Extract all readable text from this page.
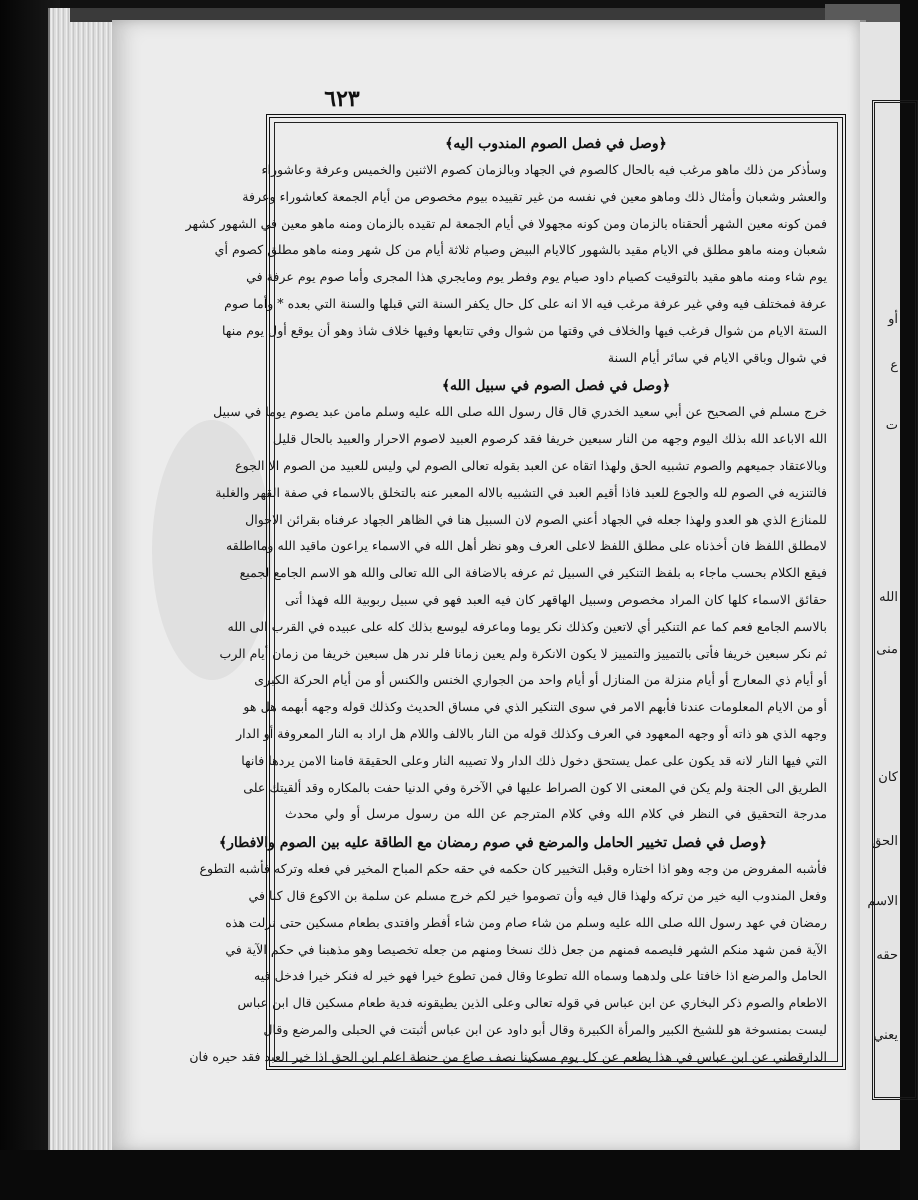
٦٢٣
﴿وصل في فصل الصوم المندوب اليه﴾
وسأذكر من ذلك ماهو مرغب فيه بالحال كالصوم في الجهاد وبالزمان كصوم الاثنين والخميس وعرفة وعاشوراء
والعشر وشعبان وأمثال ذلك وماهو معين في نفسه من غير تقييده بيوم مخصوص من أيام الجمعة كعاشوراء وعرفة
فمن كونه معين الشهر ألحقناه بالزمان ومن كونه مجهولا في أيام الجمعة لم تقيده بالزمان ومنه ماهو معين في الشهور كشهر
شعبان ومنه ماهو مطلق في الايام مقيد بالشهور كالايام البيض وصيام ثلاثة أيام من كل شهر ومنه ماهو مطلق كصوم أي
يوم شاء ومنه ماهو مقيد بالتوقيت كصيام داود صيام يوم وفطر يوم ومايجري هذا المجرى وأما صوم يوم عرفة في
عرفة فمختلف فيه وفي غير عرفة مرغب فيه الا انه على كل حال يكفر السنة التي قبلها والسنة التي بعده * وأما صوم
الستة الايام من شوال فرغب فيها والخلاف في وقتها من شوال وفي تتابعها وفيها خلاف شاذ وهو أن يوقع أول يوم منها
في شوال وباقي الايام في سائر أيام السنة
﴿وصل في فصل الصوم في سبيل الله﴾
خرج مسلم في الصحيح عن أبي سعيد الخدري قال قال رسول الله صلى الله عليه وسلم مامن عبد يصوم يوما في سبيل
الله الاباعد الله بذلك اليوم وجهه من النار سبعين خريفا فقد كرصوم العبيد لاصوم الاحرار والعبيد بالحال قليل
وبالاعتقاد جميعهم والصوم تشبيه الحق ولهذا اتقاه عن العبد بقوله تعالى الصوم لي وليس للعبيد من الصوم الا الجوع
فالتنزيه في الصوم لله والجوع للعبد فاذا أقيم العبد في التشبيه بالاله المعبر عنه بالتخلق بالاسماء في صفة القهر والغلبة
للمنازع الذي هو العدو ولهذا جعله في الجهاد أعني الصوم لان السبيل هنا في الظاهر الجهاد عرفناه بقرائن الاحوال
لامطلق اللفظ فان أخذناه على مطلق اللفظ لاعلى العرف وهو نظر أهل الله في الاسماء يراعون ماقيد الله ومااطلقه
فيقع الكلام بحسب ماجاء به بلفظ التنكير في السبيل ثم عرفه بالاضافة الى الله تعالى والله هو الاسم الجامع لجميع
حقائق الاسماء كلها كان المراد مخصوص وسبيل الهاقهر كان فيه العبد فهو في سبيل ربوبية الله فهذا أتى
بالاسم الجامع فعم كما عم التنكير أي لاتعين وكذلك نكر يوما وماعرفه ليوسع بذلك كله على عبيده في القرب الى الله
ثم نكر سبعين خريفا فأتى بالتمييز والتمييز لا يكون الانكرة ولم يعين زمانا فلر ندر هل سبعين خريفا من زمان أيام الرب
أو أيام ذي المعارج أو أيام منزلة من المنازل أو أيام واحد من الجواري الخنس والكنس أو من أيام الحركة الكبرى
أو من الايام المعلومات عندنا فأبهم الامر في سوى التنكير الذي في مساق الحديث وكذلك قوله وجهه أبهمه هل هو
وجهه الذي هو ذاته أو وجهه المعهود في العرف وكذلك قوله من النار بالالف واللام هل اراد به النار المعروفة أو الدار
التي فيها النار لانه قد يكون على عمل يستحق دخول ذلك الدار ولا تصيبه النار وعلى الحقيقة فامنا الامن يردها فانها
الطريق الى الجنة ولم يكن في المعنى الا كون الصراط عليها في الآخرة وفي الدنيا حفت بالمكاره وقد ألقيتك على
مدرجة التحقيق في النظر في كلام الله وفي كلام المترجم عن الله من رسول مرسل أو ولي محدث
﴿وصل في فصل تخيير الحامل والمرضع في صوم رمضان مع الطاقة عليه بين الصوم والافطار﴾
فأشبه المفروض من وجه وهو اذا اختاره وقبل التخيير كان حكمه في حقه حكم المباح المخير في فعله وتركه فأشبه التطوع
وفعل المندوب اليه خير من تركه ولهذا قال فيه وأن تصوموا خير لكم خرج مسلم عن سلمة بن الاكوع قال كنا في
رمضان في عهد رسول الله صلى الله عليه وسلم من شاء صام ومن شاء أفطر وافتدى بطعام مسكين حتى نزلت هذه
الآية فمن شهد منكم الشهر فليصمه فمنهم من جعل ذلك نسخا ومنهم من جعله تخصيصا وهو مذهبنا في حكم الآية في
الحامل والمرضع اذا خافتا على ولدهما وسماه الله تطوعا وقال فمن تطوع خيرا فهو خير له فنكر خيرا فدخل فيه
الاطعام والصوم ذكر البخاري عن ابن عباس في قوله تعالى وعلى الذين يطيقونه فدية طعام مسكين قال ابن عباس
ليست بمنسوخة هو للشيخ الكبير والمرأة الكبيرة وقال أبو داود عن ابن عباس أثبتت في الحبلى والمرضع وقال
الدارقطني عن ابن عباس في هذا يطعم عن كل يوم مسكينا نصف صاع من حنطة اعلم ابن الحق اذا خير العبد فقد حيره فان
أو
ع
ت
الله
منى
كان
الحق
الاسم
حقه
يعني
